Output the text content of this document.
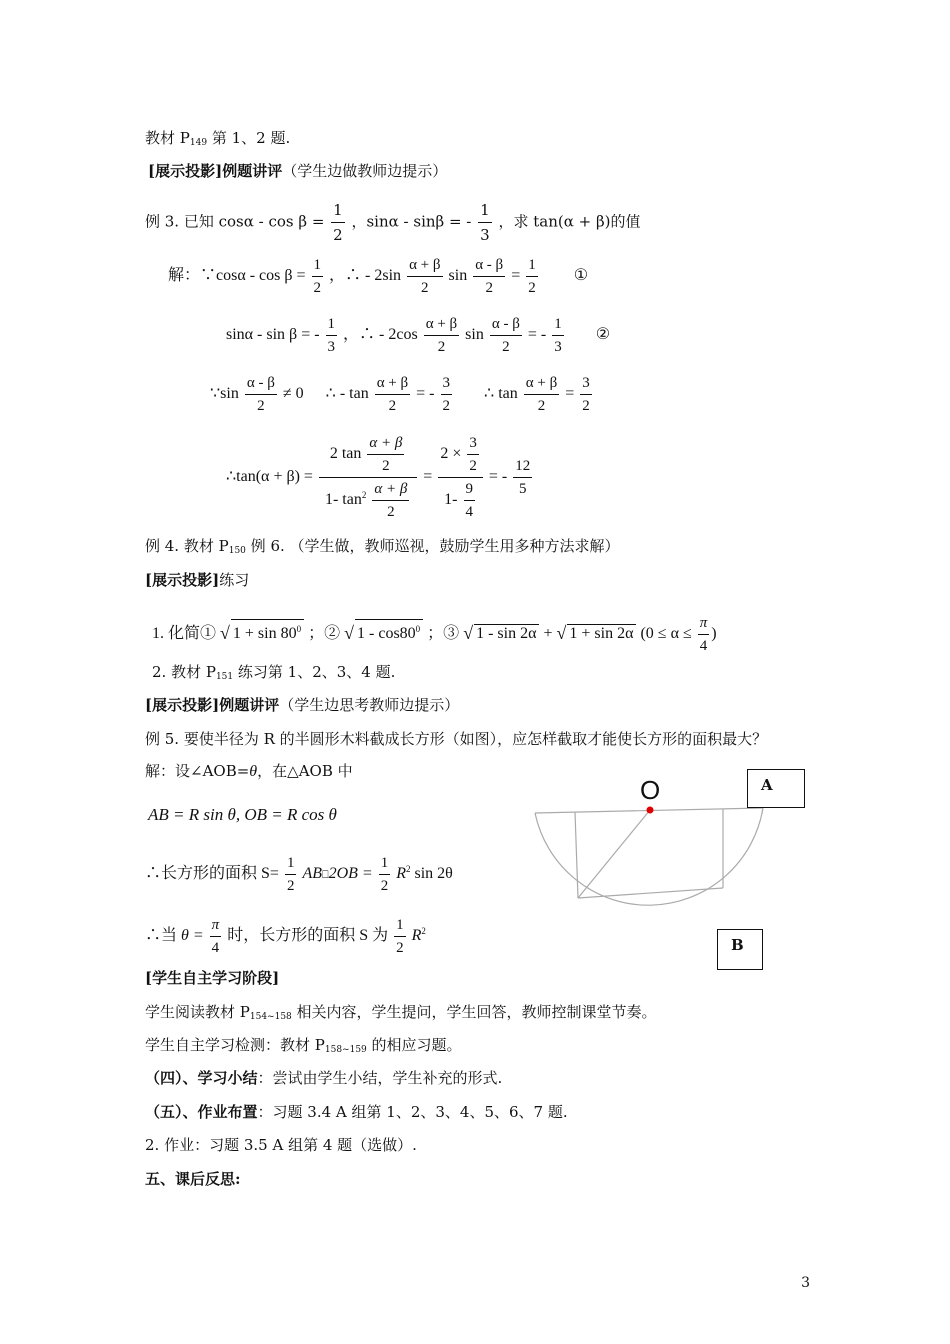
教材 $P_{149}$ 第 1、2 题.
[展示投影]例题讲评（学生边做教师边提示）
例 3. 已知 $\cos\alpha - \cos \beta = \frac{1}{2}$ ，sinα - sinβ = - $\frac{1}{3}$ ，求 tan(α + β)的值
解：∵cosα - $\cos \beta = \frac{1}{2}$ ，∴ - $2\sin \frac{\alpha + \beta}{2}$ $\sin \frac{\alpha - \beta}{2} = \frac{1}{2}$ ①
sinα - sin β = - $\frac{1}{3}$ ，∴ - $2\cos \frac{\alpha + \beta}{2}$ $\sin \frac{\alpha - \beta}{2}$ = - $\frac{1}{3}$ ②
∵sin $\frac{\alpha - \beta}{2} \ne 0$ ∴ - $\tan \frac{\alpha + \beta}{2}$ = - $\frac{3}{2}$ ∴ $\tan \frac{\alpha + \beta}{2} = \frac{3}{2}$
∴tan(α + $\beta) = \frac{2 \tan \frac{\alpha + \beta}{2}}{1- \tan^2 \frac{\alpha + \beta}{2}} = \frac{2 \times \frac{3}{2}}{1- \frac{9}{4}}$ = - $\frac{12}{5}$
例 4. 教材 $P_{150}$ 例 6. （学生做，教师巡视，鼓励学生用多种方法求解）
[展示投影]练习
1. 化简① √ $1 + \sin 80^0$ ；② √ $1 - \cos 80^0$ ；③ √ 1 - sin 2α + √ 1 + sin 2α ($0 \le \alpha \le \frac{\pi}{4}$ )
2. 教材 $P_{151}$ 练习第 1、2、3、4 题.
[展示投影]例题讲评（学生边思考教师边提示）
例 5. 要使半径为 R 的半圆形木料截成长方形（如图），应怎样截取才能使长方形的面积最大？
解：设∠AOB=θ，在△AOB 中
AB = R sin θ, OB = R cos θ
∴长方形的面积 $S= \frac{1}{2}$ AB⎕2OB = $\frac{1}{2} R^2$ sin 2θ
∴当 $\theta = \frac{\pi}{4}$ 时，长方形的面积 S 为 $\frac{1}{2} R^2$
O	A
B
[学生自主学习阶段]
学生阅读教材 $P_{154\sim 158}$ 相关内容，学生提问，学生回答，教师控制课堂节奏。
学生自主学习检测：教材 $P_{158\sim 159}$ 的相应习题。
（四）、学习小结：尝试由学生小结，学生补充的形式.
（五）、作业布置：习题 3.4 A 组第 1、2、3、4、5、6、7 题.
2. 作业：习题 3.5 A 组第 4 题（选做）.
五、课后反思:
3
